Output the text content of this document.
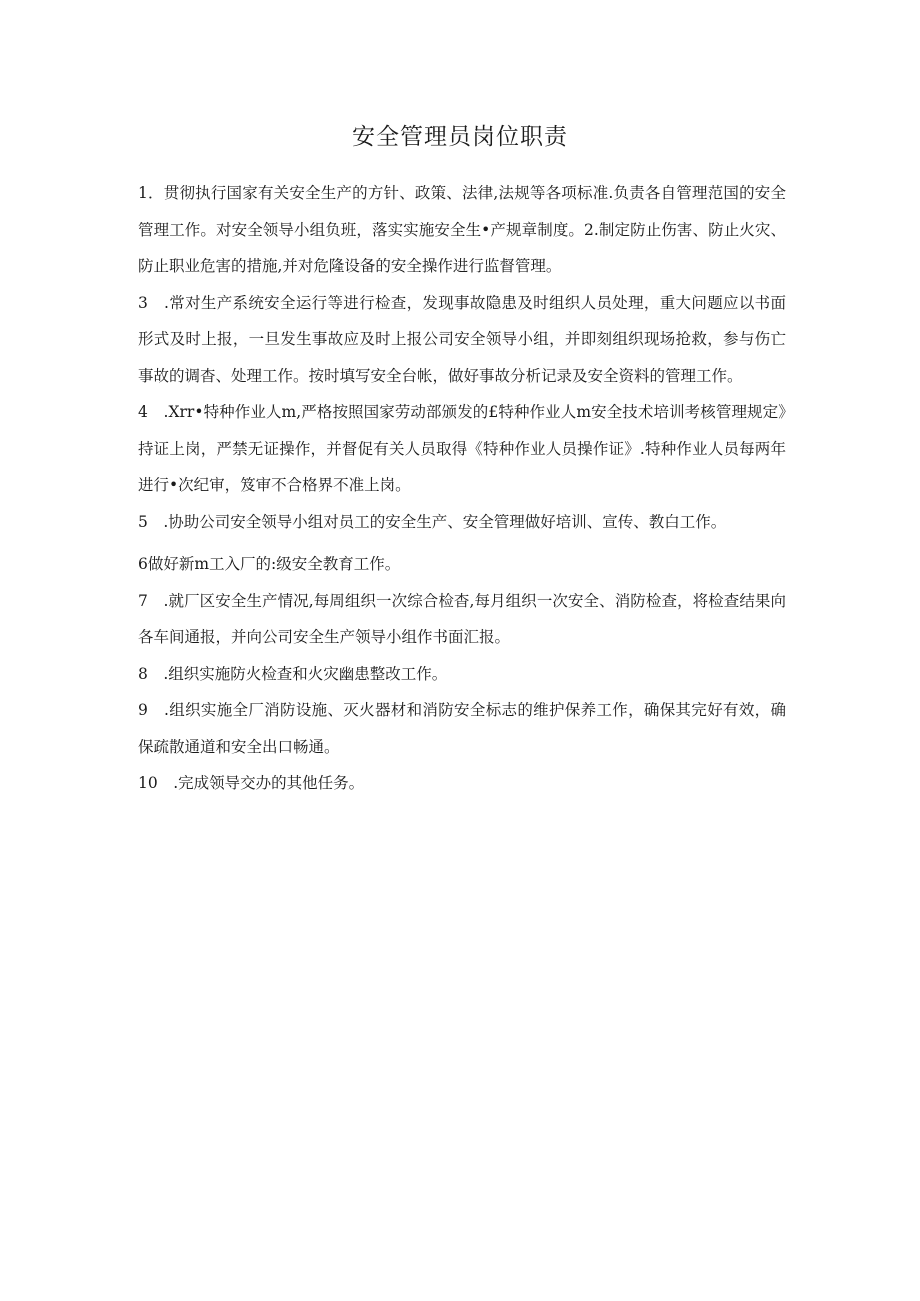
安全管理员岗位职责

1．贯彻执行国家有关安全生产的方针、政策、法律,法规等各项标准.负责各自管理范国的安全管理工作。对安全领导小组负班，落实实施安全生•产规章制度。2.制定防止伤害、防止火灾、防止职业危害的措施,并对危隆设备的安全操作进行监督管理。

3　.常对生产系统安全运行等进行检查，发现事故隐患及时组织人员处理，重大问题应以书面形式及时上报，一旦发生事故应及时上报公司安全领导小组，并即刻组织现场抢救，参与伤亡事故的调杳、处理工作。按时填写安全台帐，做好事故分析记录及安全资料的管理工作。

4　.Xrr•特种作业人m,严格按照国家劳动部颁发的£特种作业人m安全技术培训考核管理规定》持证上岗，严禁无证操作，并督促有关人员取得《特种作业人员操作证》.特种作业人员每两年进行•次纪审，笈审不合格界不准上岗。

5　.协助公司安全领导小组对员工的安全生产、安全管理做好培训、宣传、教白工作。

6做好新m工入厂的:级安全教育工作。

7　.就厂区安全生产情况,每周组织一次综合检杳,每月组织一次安全、消防检查，将检查结果向各车间通报，并向公司安全生产领导小组作书面汇报。

8　.组织实施防火检查和火灾幽患整改工作。

9　.组织实施全厂消防设施、灭火器材和消防安全标志的维护保养工作，确保其完好有效，确保疏散通道和安全出口畅通。

10　.完成领导交办的其他任务。
